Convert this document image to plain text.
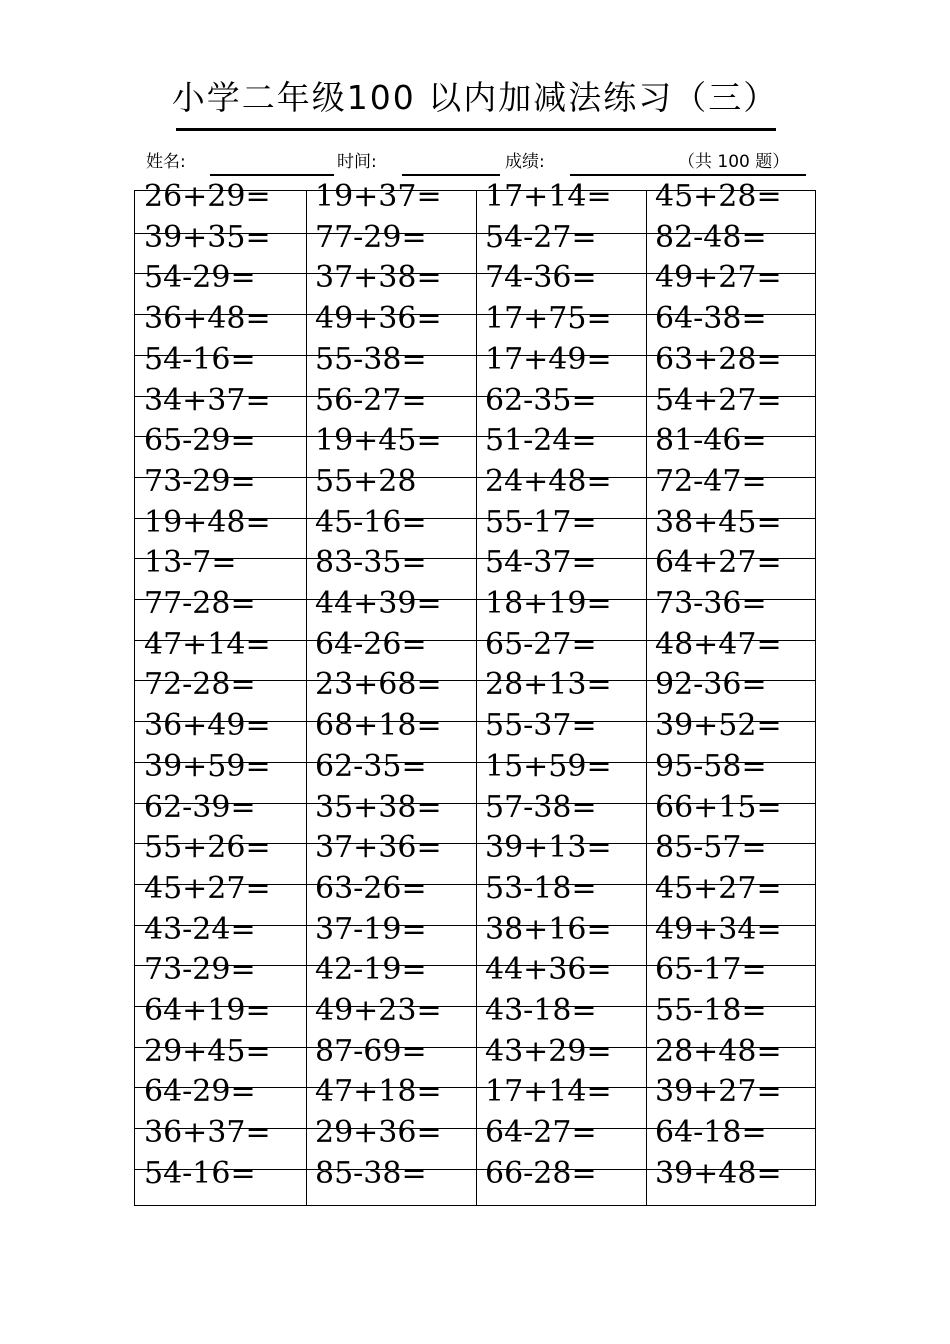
小学二年级100 以内加减法练习（三）
姓名:	时间:	成绩:	（共 100 题）
26+29= 19+37= 17+14= 45+28=
39+35= 77-29= 54-27= 82-48=
54-29= 37+38= 74-36= 49+27=
36+48= 49+36= 17+75= 64-38=
54-16= 55-38= 17+49= 63+28=
34+37= 56-27= 62-35= 54+27=
65-29= 19+45= 51-24= 81-46=
73-29= 55+28 24+48= 72-47=
19+48= 45-16= 55-17= 38+45=
13-7=	83-35= 54-37= 64+27=
77-28= 44+39= 18+19= 73-36=
47+14= 64-26= 65-27= 48+47=
72-28= 23+68= 28+13= 92-36=
36+49= 68+18= 55-37= 39+52=
39+59= 62-35= 15+59= 95-58=
62-39= 35+38= 57-38= 66+15=
55+26= 37+36= 39+13= 85-57=
45+27= 63-26= 53-18= 45+27=
43-24= 37-19= 38+16= 49+34=
73-29= 42-19= 44+36= 65-17=
64+19= 49+23= 43-18= 55-18=
29+45= 87-69= 43+29= 28+48=
64-29= 47+18= 17+14= 39+27=
36+37= 29+36= 64-27= 64-18=
54-16= 85-38= 66-28= 39+48=
